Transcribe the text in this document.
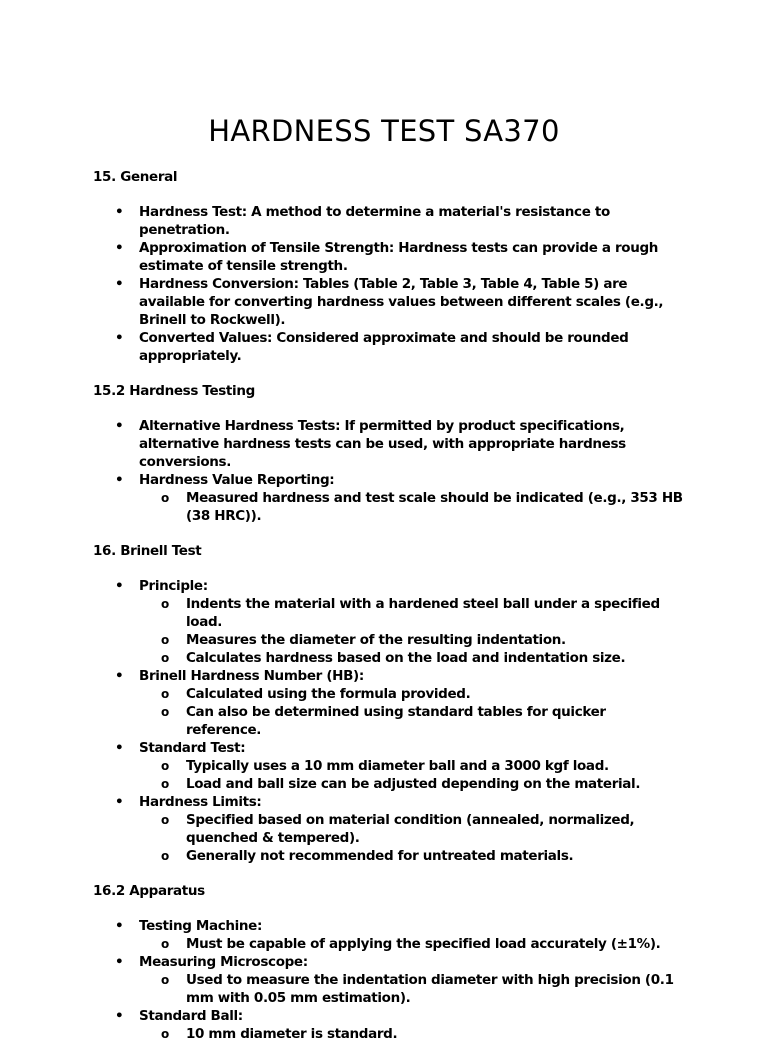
HARDNESS TEST SA370
15. General
• Hardness Test: A method to determine a material's resistance to penetration.
• Approximation of Tensile Strength: Hardness tests can provide a rough estimate of tensile strength.
• Hardness Conversion: Tables (Table 2, Table 3, Table 4, Table 5) are available for converting hardness values between different scales (e.g., Brinell to Rockwell).
• Converted Values: Considered approximate and should be rounded appropriately.
15.2 Hardness Testing
• Alternative Hardness Tests: If permitted by product specifications, alternative hardness tests can be used, with appropriate hardness conversions.
• Hardness Value Reporting:
o Measured hardness and test scale should be indicated (e.g., 353 HB (38 HRC)).
16. Brinell Test
• Principle:
o Indents the material with a hardened steel ball under a specified load.
o Measures the diameter of the resulting indentation.
o Calculates hardness based on the load and indentation size.
• Brinell Hardness Number (HB):
o Calculated using the formula provided.
o Can also be determined using standard tables for quicker reference.
• Standard Test:
o Typically uses a 10 mm diameter ball and a 3000 kgf load.
o Load and ball size can be adjusted depending on the material.
• Hardness Limits:
o Specified based on material condition (annealed, normalized, quenched & tempered).
o Generally not recommended for untreated materials.
16.2 Apparatus
• Testing Machine:
o Must be capable of applying the specified load accurately (±1%).
• Measuring Microscope:
o Used to measure the indentation diameter with high precision (0.1 mm with 0.05 mm estimation).
• Standard Ball:
o 10 mm diameter is standard.
